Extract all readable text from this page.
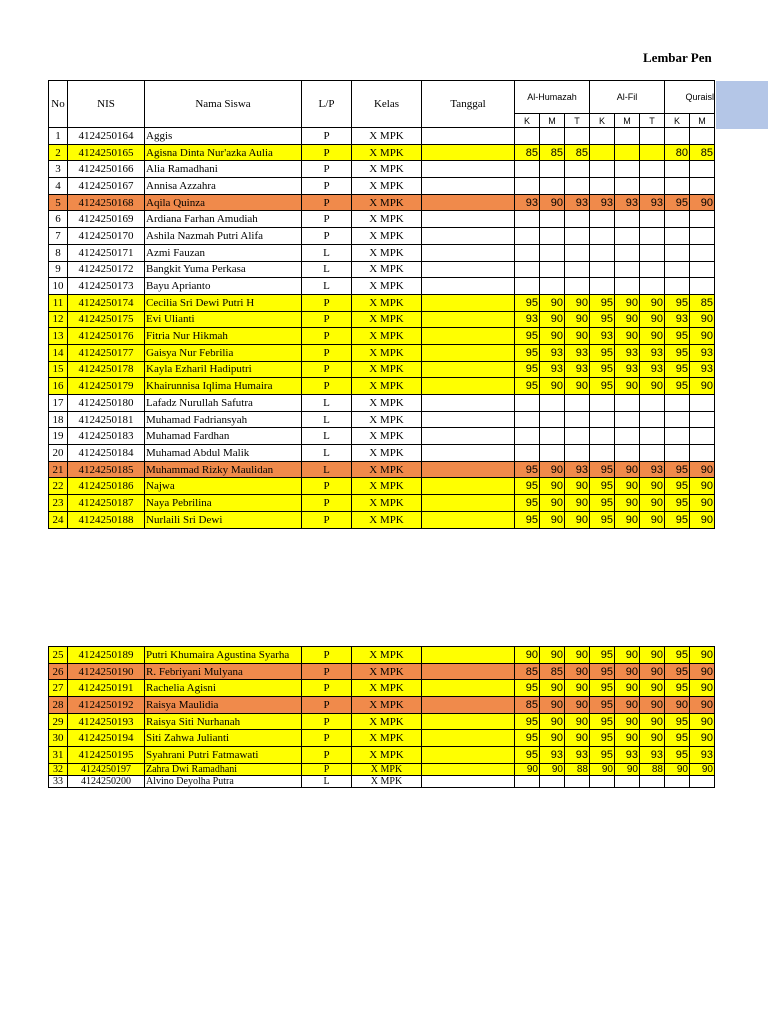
Lembar Pen
No	NIS	Nama Siswa	L/P	Kelas	Tanggal	Al-Humazah			Al-Fil			Quraisl	
						K	M	T	K	M	T	K	M
1	4124250164	Aggis	P	X MPK									
2	4124250165	Agisna Dinta Nur'azka Aulia	P	X MPK		85	85	85				80	85
3	4124250166	Alia Ramadhani	P	X MPK									
4	4124250167	Annisa Azzahra	P	X MPK									
5	4124250168	Aqila Quinza	P	X MPK		93	90	93	93	93	93	95	90
6	4124250169	Ardiana Farhan Amudiah	P	X MPK									
7	4124250170	Ashila Nazmah Putri Alifa	P	X MPK									
8	4124250171	Azmi Fauzan	L	X MPK									
9	4124250172	Bangkit Yuma Perkasa	L	X MPK									
10	4124250173	Bayu Aprianto	L	X MPK									
11	4124250174	Cecilia Sri Dewi Putri H	P	X MPK		95	90	90	95	90	90	95	85
12	4124250175	Evi Ulianti	P	X MPK		93	90	90	95	90	90	93	90
13	4124250176	Fitria Nur Hikmah	P	X MPK		95	90	90	93	90	90	95	90
14	4124250177	Gaisya Nur Febrilia	P	X MPK		95	93	93	95	93	93	95	93
15	4124250178	Kayla Ezharil Hadiputri	P	X MPK		95	93	93	95	93	93	95	93
16	4124250179	Khairunnisa Iqlima Humaira	P	X MPK		95	90	90	95	90	90	95	90
17	4124250180	Lafadz Nurullah Safutra	L	X MPK									
18	4124250181	Muhamad Fadriansyah	L	X MPK									
19	4124250183	Muhamad Fardhan	L	X MPK									
20	4124250184	Muhamad Abdul Malik	L	X MPK									
21	4124250185	Muhammad Rizky Maulidan	L	X MPK		95	90	93	95	90	93	95	90
22	4124250186	Najwa	P	X MPK		95	90	90	95	90	90	95	90
23	4124250187	Naya Pebrilina	P	X MPK		95	90	90	95	90	90	95	90
24	4124250188	Nurlaili Sri Dewi	P	X MPK		95	90	90	95	90	90	95	90
25	4124250189	Putri Khumaira Agustina Syarha	P	X MPK		90	90	90	95	90	90	95	90
26	4124250190	R. Febriyani Mulyana	P	X MPK		85	85	90	95	90	90	95	90
27	4124250191	Rachelia Agisni	P	X MPK		95	90	90	95	90	90	95	90
28	4124250192	Raisya Maulidia	P	X MPK		85	90	90	95	90	90	90	90
29	4124250193	Raisya Siti Nurhanah	P	X MPK		95	90	90	95	90	90	95	90
30	4124250194	Siti Zahwa Julianti	P	X MPK		95	90	90	95	90	90	95	90
31	4124250195	Syahrani Putri Fatmawati	P	X MPK		95	93	93	95	93	93	95	93
32	4124250197	Zahra Dwi Ramadhani	P	X MPK		90	90	88	90	90	88	90	90
33	4124250200	Alvino Deyolha Putra	L	X MPK									
